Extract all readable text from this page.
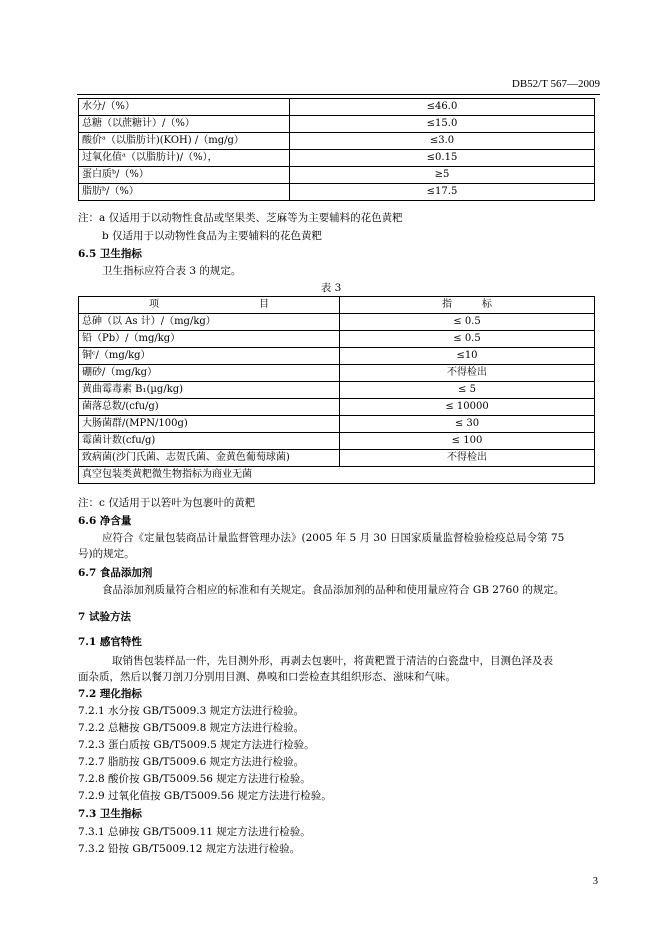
DB52/T 567—2009
水分/（%）	≤46.0
总糖（以蔗糖计）/（%）	≤15.0
酸价ᵃ（以脂肪计)(KOH) /（mg/g）	≤3.0
过氧化值ᵃ（以脂肪计)/（%），	≤0.15
蛋白质ᵇ/（%）	≥5
脂肪ᵇ/（%）	≤17.5
注：a 仅适用于以动物性食品或坚果类、芝麻等为主要辅料的花色黄粑
b 仅适用于以动物性食品为主要辅料的花色黄粑
6.5 卫生指标
卫生指标应符合表 3 的规定。
表 3
项　　　　　　　　　　目	指　　　标
总砷（以 As 计）/（mg/kg）	≤ 0.5
铅（Pb）/（mg/kg）	≤ 0.5
铜ᶜ/（mg/kg）	≤10
硼砂/（mg/kg）	不得检出
黄曲霉毒素 B₁(µg/kg)	≤ 5
菌落总数/(cfu/g)	≤ 10000
大肠菌群/(MPN/100g)	≤ 30
霉菌计数(cfu/g)	≤ 100
致病菌(沙门氏菌、志贺氏菌、金黄色葡萄球菌)	不得检出
真空包装类黄粑微生物指标为商业无菌	
注：c 仅适用于以箬叶为包裹叶的黄粑
6.6 净含量
应符合《定量包装商品计量监督管理办法》(2005 年 5 月 30 日国家质量监督检验检疫总局令第 75
号)的规定。
6.7 食品添加剂
食品添加剂质量符合相应的标准和有关规定。食品添加剂的品种和使用量应符合 GB 2760 的规定。
7 试验方法
7.1 感官特性
取销售包装样品一件，先目测外形，再剥去包裹叶，将黄粑置于清洁的白瓷盘中，目测色泽及表
面杂质，然后以餐刀剖刀分别用目测、鼻嗅和口尝检查其组织形态、滋味和气味。
7.2 理化指标
7.2.1 水分按 GB/T5009.3 规定方法进行检验。
7.2.2 总糖按 GB/T5009.8 规定方法进行检验。
7.2.3 蛋白质按 GB/T5009.5 规定方法进行检验。
7.2.7 脂肪按 GB/T5009.6 规定方法进行检验。
7.2.8 酸价按 GB/T5009.56 规定方法进行检验。
7.2.9 过氧化值按 GB/T5009.56 规定方法进行检验。
7.3 卫生指标
7.3.1 总砷按 GB/T5009.11 规定方法进行检验。
7.3.2 铅按 GB/T5009.12 规定方法进行检验。
3
